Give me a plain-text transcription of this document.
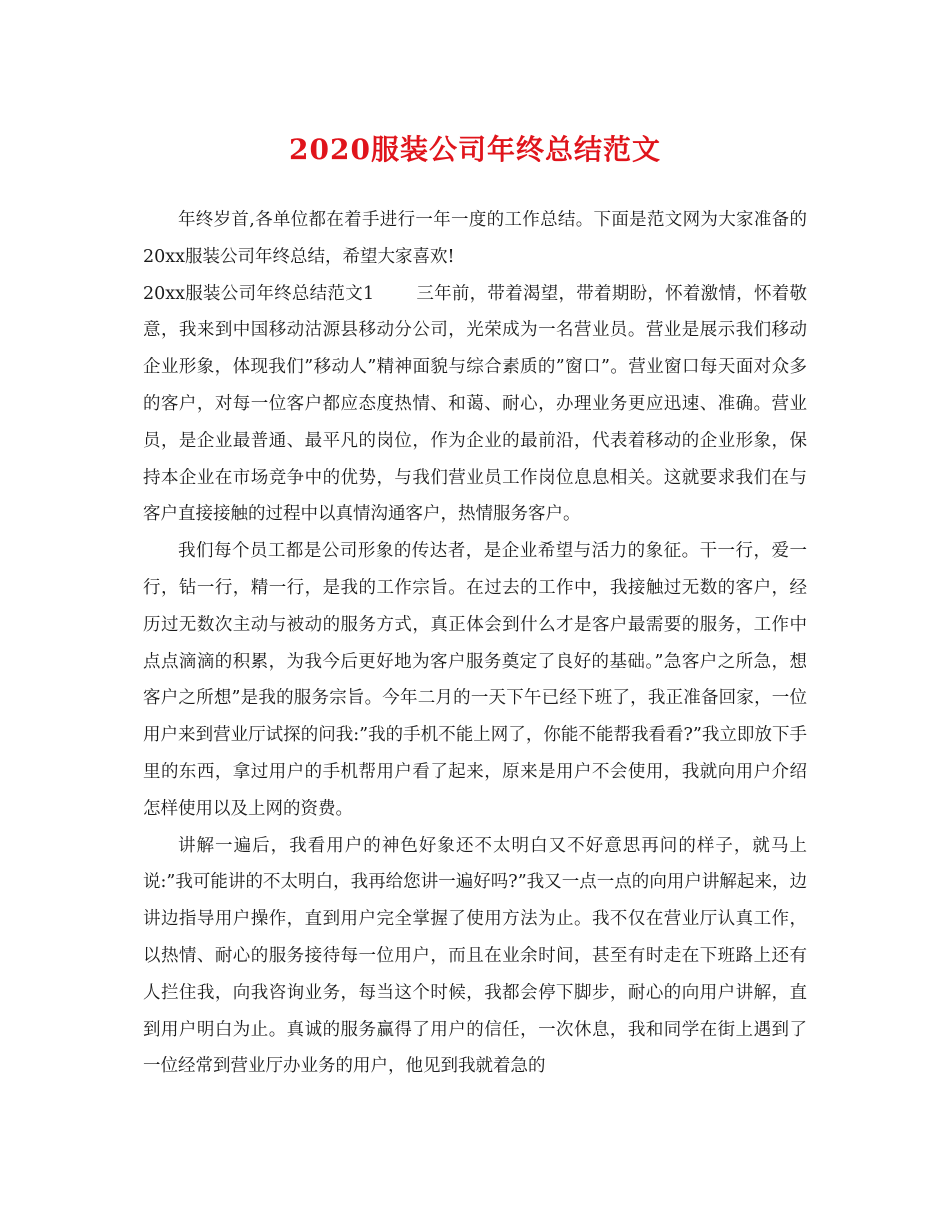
2020服装公司年终总结范文

年终岁首,各单位都在着手进行一年一度的工作总结。下面是范文网为大家准备的20xx服装公司年终总结，希望大家喜欢!

20xx服装公司年终总结范文1 三年前，带着渴望，带着期盼，怀着激情，怀着敬意，我来到中国移动沽源县移动分公司，光荣成为一名营业员。营业是展示我们移动企业形象，体现我们”移动人”精神面貌与综合素质的”窗口”。营业窗口每天面对众多的客户，对每一位客户都应态度热情、和蔼、耐心，办理业务更应迅速、准确。营业员，是企业最普通、最平凡的岗位，作为企业的最前沿，代表着移动的企业形象，保持本企业在市场竞争中的优势，与我们营业员工作岗位息息相关。这就要求我们在与客户直接接触的过程中以真情沟通客户，热情服务客户。

我们每个员工都是公司形象的传达者，是企业希望与活力的象征。干一行，爱一行，钻一行，精一行，是我的工作宗旨。在过去的工作中，我接触过无数的客户，经历过无数次主动与被动的服务方式，真正体会到什么才是客户最需要的服务，工作中点点滴滴的积累，为我今后更好地为客户服务奠定了良好的基础。”急客户之所急，想客户之所想”是我的服务宗旨。今年二月的一天下午已经下班了，我正准备回家，一位用户来到营业厅试探的问我:”我的手机不能上网了，你能不能帮我看看?”我立即放下手里的东西，拿过用户的手机帮用户看了起来，原来是用户不会使用，我就向用户介绍怎样使用以及上网的资费。

讲解一遍后，我看用户的神色好象还不太明白又不好意思再问的样子，就马上说:”我可能讲的不太明白，我再给您讲一遍好吗?”我又一点一点的向用户讲解起来，边讲边指导用户操作，直到用户完全掌握了使用方法为止。我不仅在营业厅认真工作，以热情、耐心的服务接待每一位用户，而且在业余时间，甚至有时走在下班路上还有人拦住我，向我咨询业务，每当这个时候，我都会停下脚步，耐心的向用户讲解，直到用户明白为止。真诚的服务赢得了用户的信任，一次休息，我和同学在街上遇到了一位经常到营业厅办业务的用户，他见到我就着急的
